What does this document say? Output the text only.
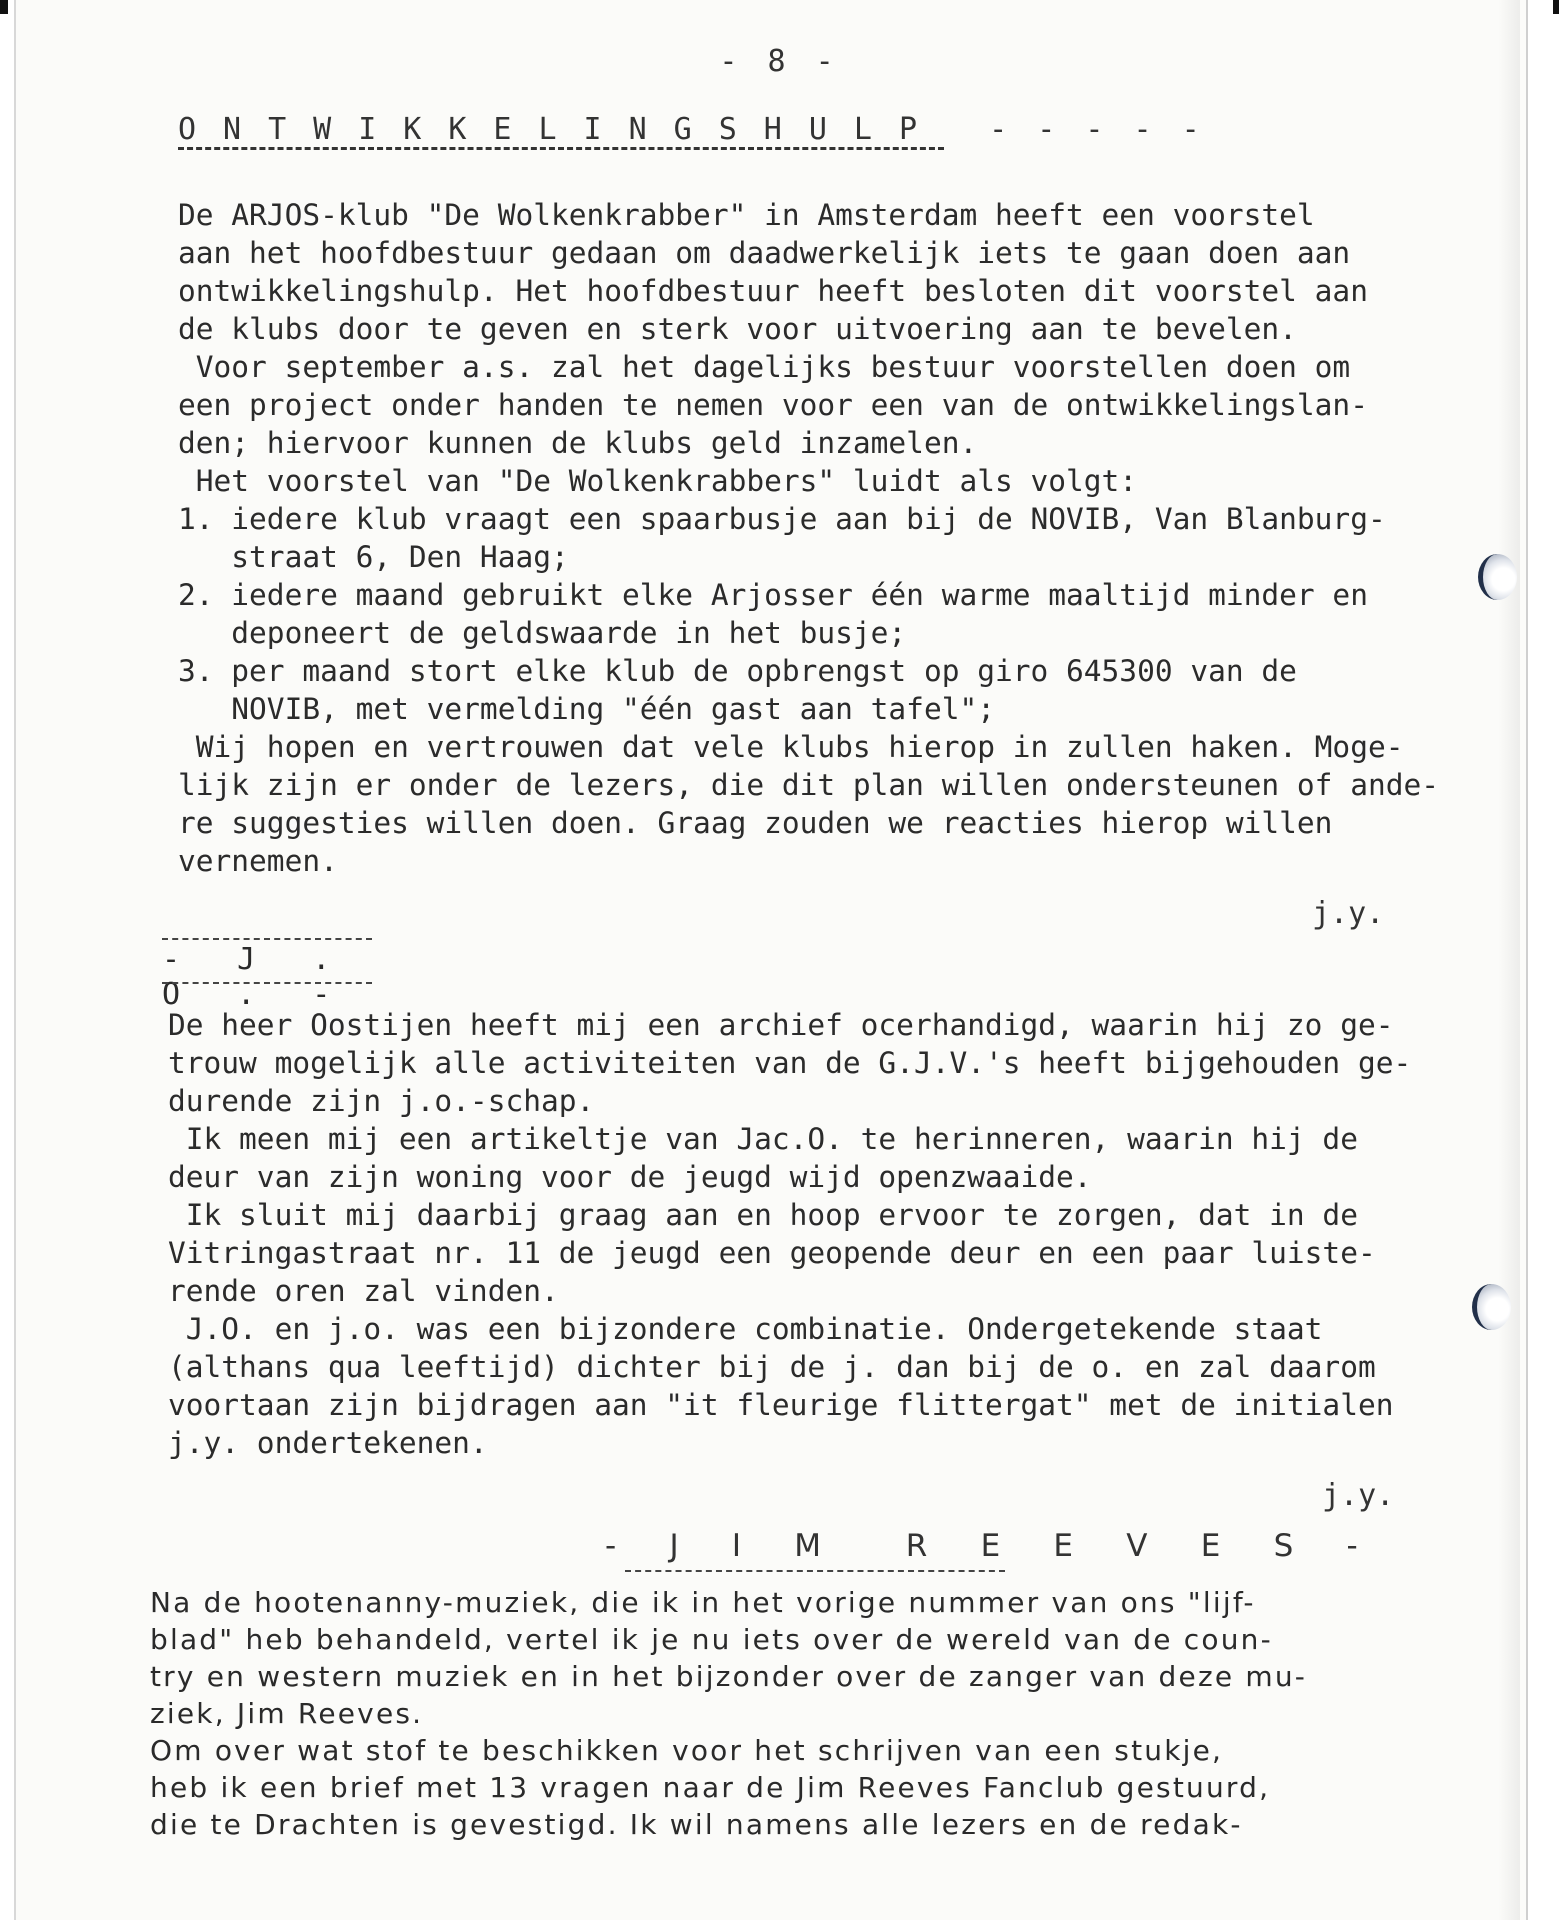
- 8 -
ONTWIKKELINGSHULP - - - - -

De ARJOS-klub "De Wolkenkrabber" in Amsterdam heeft een voorstel

aan het hoofdbestuur gedaan om daadwerkelijk iets te gaan doen aan

ontwikkelingshulp. Het hoofdbestuur heeft besloten dit voorstel aan

de klubs door te geven en sterk voor uitvoering aan te bevelen.

Voor september a.s. zal het dagelijks bestuur voorstellen doen om

een project onder handen te nemen voor een van de ontwikkelingslan-

den; hiervoor kunnen de klubs geld inzamelen.

Het voorstel van "De Wolkenkrabbers" luidt als volgt:

1. iedere klub vraagt een spaarbusje aan bij de NOVIB, Van Blanburg-

straat 6, Den Haag;

2. iedere maand gebruikt elke Arjosser één warme maaltijd minder en

deponeert de geldswaarde in het busje;

3. per maand stort elke klub de opbrengst op giro 645300 van de

NOVIB, met vermelding "één gast aan tafel";

Wij hopen en vertrouwen dat vele klubs hierop in zullen haken. Moge-

lijk zijn er onder de lezers, die dit plan willen ondersteunen of ande-

re suggesties willen doen. Graag zouden we reacties hierop willen

vernemen.

j.y.
- J . O . -

De heer Oostijen heeft mij een archief ocerhandigd, waarin hij zo ge-

trouw mogelijk alle activiteiten van de G.J.V.'s heeft bijgehouden ge-

durende zijn j.o.-schap.

Ik meen mij een artikeltje van Jac.O. te herinneren, waarin hij de

deur van zijn woning voor de jeugd wijd openzwaaide.

Ik sluit mij daarbij graag aan en hoop ervoor te zorgen, dat in de

Vitringastraat nr. 11 de jeugd een geopende deur en een paar luiste-

rende oren zal vinden.

J.O. en j.o. was een bijzondere combinatie. Ondergetekende staat

(althans qua leeftijd) dichter bij de j. dan bij de o. en zal daarom

voortaan zijn bijdragen aan "it fleurige flittergat" met de initialen

j.y. ondertekenen.

j.y.
- J I M  R E E V E S -

Na de hootenanny-muziek, die ik in het vorige nummer van ons "lijf-

blad" heb behandeld, vertel ik je nu iets over de wereld van de coun-

try en western muziek en in het bijzonder over de zanger van deze mu-

ziek, Jim Reeves.

Om over wat stof te beschikken voor het schrijven van een stukje,

heb ik een brief met 13 vragen naar de Jim Reeves Fanclub gestuurd,

die te Drachten is gevestigd. Ik wil namens alle lezers en de redak-
